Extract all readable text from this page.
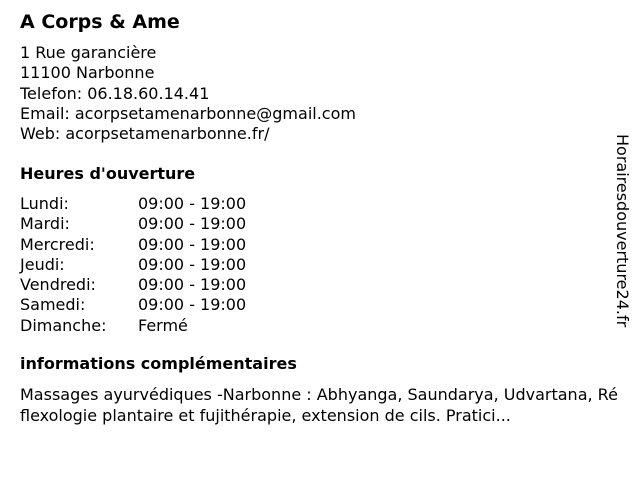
A Corps & Ame
1 Rue garancière
11100 Narbonne
Telefon: 06.18.60.14.41
Email: acorpsetamenarbonne@gmail.com
Web: acorpsetamenarbonne.fr/
Heures d'ouverture
Lundi:	09:00 - 19:00
Mardi:	09:00 - 19:00
Mercredi:	09:00 - 19:00
Jeudi:	09:00 - 19:00
Vendredi:	09:00 - 19:00
Samedi:	09:00 - 19:00
Dimanche:	Fermé
informations complémentaires
Massages ayurvédiques -Narbonne : Abhyanga, Saundarya, Udvartana, Réflexologie plantaire et fujithérapie, extension de cils. Pratici...
Horairesdouverture24.fr
